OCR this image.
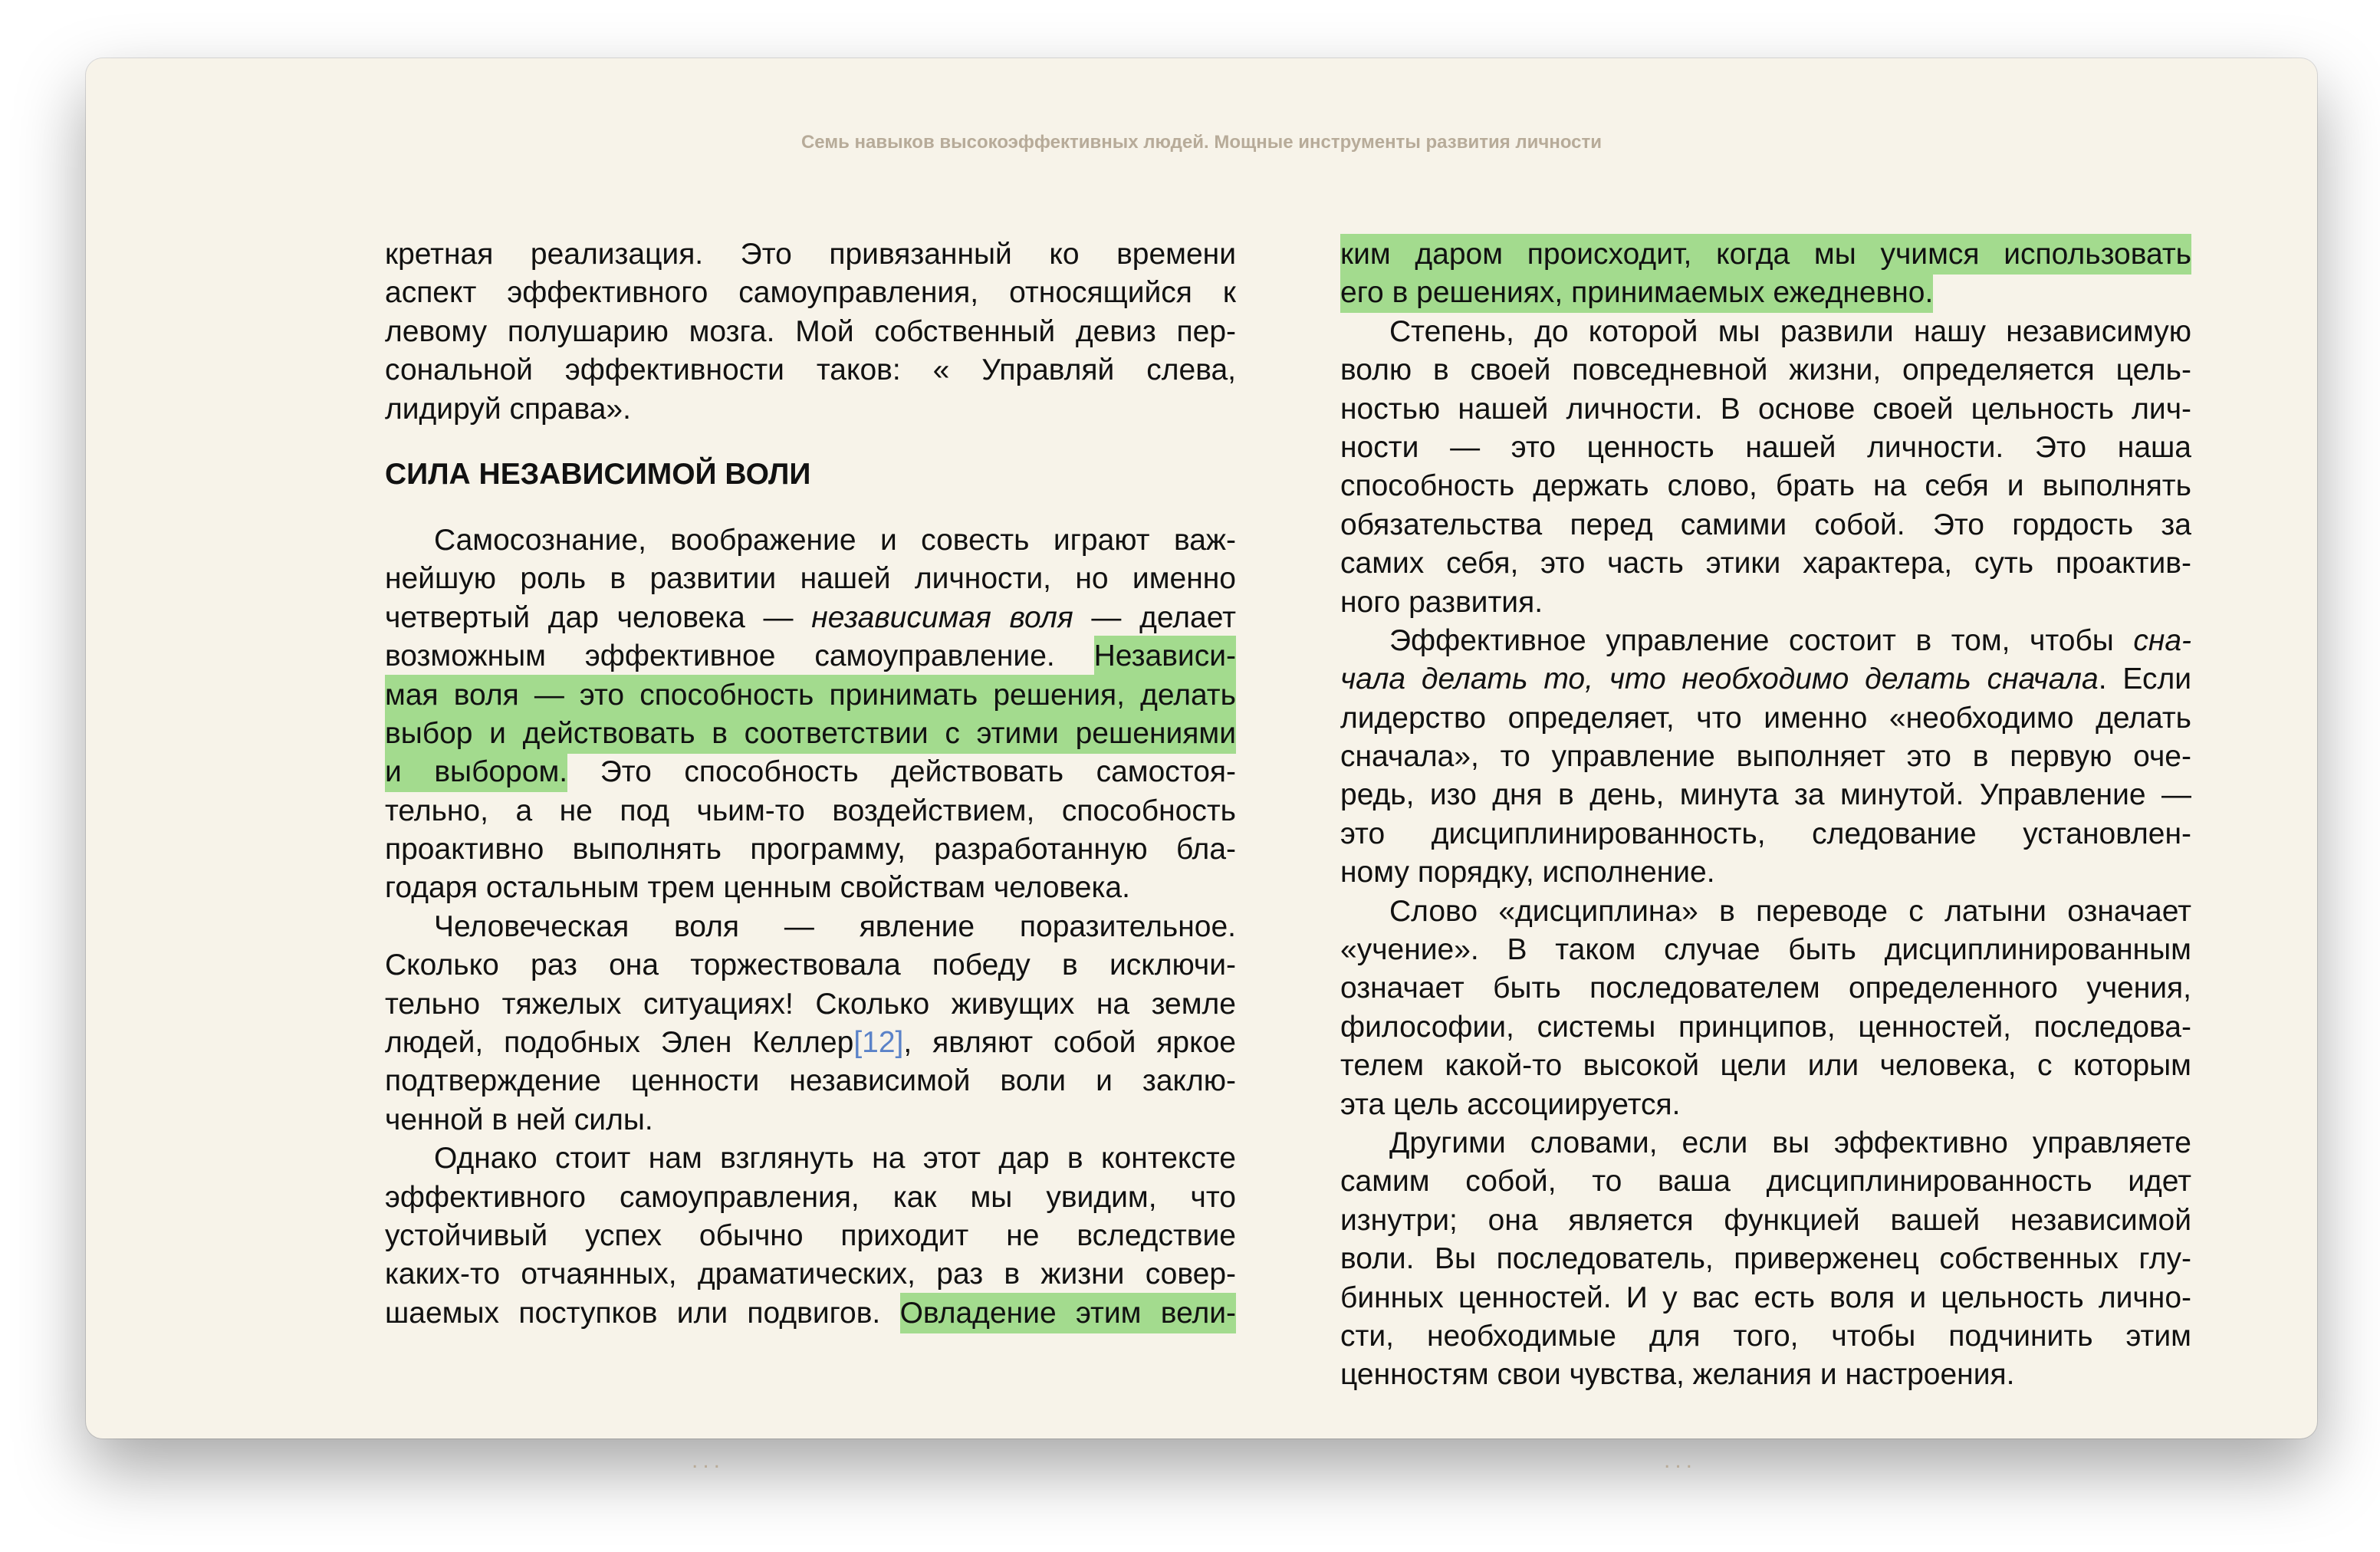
Семь навыков высокоэффективных людей. Мощные инструменты развития личности
кретная реализация. Это привязанный ко времени
аспект эффективного самоуправления, относящийся к
левому полушарию мозга. Мой собственный девиз пер-
сональной эффективности таков: « Управляй слева,
лидируй справа».
СИЛА НЕЗАВИСИМОЙ ВОЛИ
Самосознание, воображение и совесть играют важ-
нейшую роль в развитии нашей личности, но именно
четвертый дар человека — независимая воля — делает
возможным эффективное самоуправление. Независи-
мая воля — это способность принимать решения, делать
выбор и действовать в соответствии с этими решениями
и выбором. Это способность действовать самостоя-
тельно, а не под чьим-то воздействием, способность
проактивно выполнять программу, разработанную бла-
годаря остальным трем ценным свойствам человека.
Человеческая воля — явление поразительное.
Сколько раз она торжествовала победу в исключи-
тельно тяжелых ситуациях! Сколько живущих на земле
людей, подобных Элен Келлер[12], являют собой яркое
подтверждение ценности независимой воли и заклю-
ченной в ней силы.
Однако стоит нам взглянуть на этот дар в контексте
эффективного самоуправления, как мы увидим, что
устойчивый успех обычно приходит не вследствие
каких-то отчаянных, драматических, раз в жизни совер-
шаемых поступков или подвигов. Овладение этим вели-
ким даром происходит, когда мы учимся использовать
его в решениях, принимаемых ежедневно.
Степень, до которой мы развили нашу независимую
волю в своей повседневной жизни, определяется цель-
ностью нашей личности. В основе своей цельность лич-
ности — это ценность нашей личности. Это наша
способность держать слово, брать на себя и выполнять
обязательства перед самими собой. Это гордость за
самих себя, это часть этики характера, суть проактив-
ного развития.
Эффективное управление состоит в том, чтобы сна-
чала делать то, что необходимо делать сначала. Если
лидерство определяет, что именно «необходимо делать
сначала», то управление выполняет это в первую оче-
редь, изо дня в день, минута за минутой. Управление —
это дисциплинированность, следование установлен-
ному порядку, исполнение.
Слово «дисциплина» в переводе с латыни означает
«учение». В таком случае быть дисциплинированным
означает быть последователем определенного учения,
философии, системы принципов, ценностей, последова-
телем какой-то высокой цели или человека, с которым
эта цель ассоциируется.
Другими словами, если вы эффективно управляете
самим собой, то ваша дисциплинированность идет
изнутри; она является функцией вашей независимой
воли. Вы последователь, приверженец собственных глу-
бинных ценностей. И у вас есть воля и цельность лично-
сти, необходимые для того, чтобы подчинить этим
ценностям свои чувства, желания и настроения.
...	...
